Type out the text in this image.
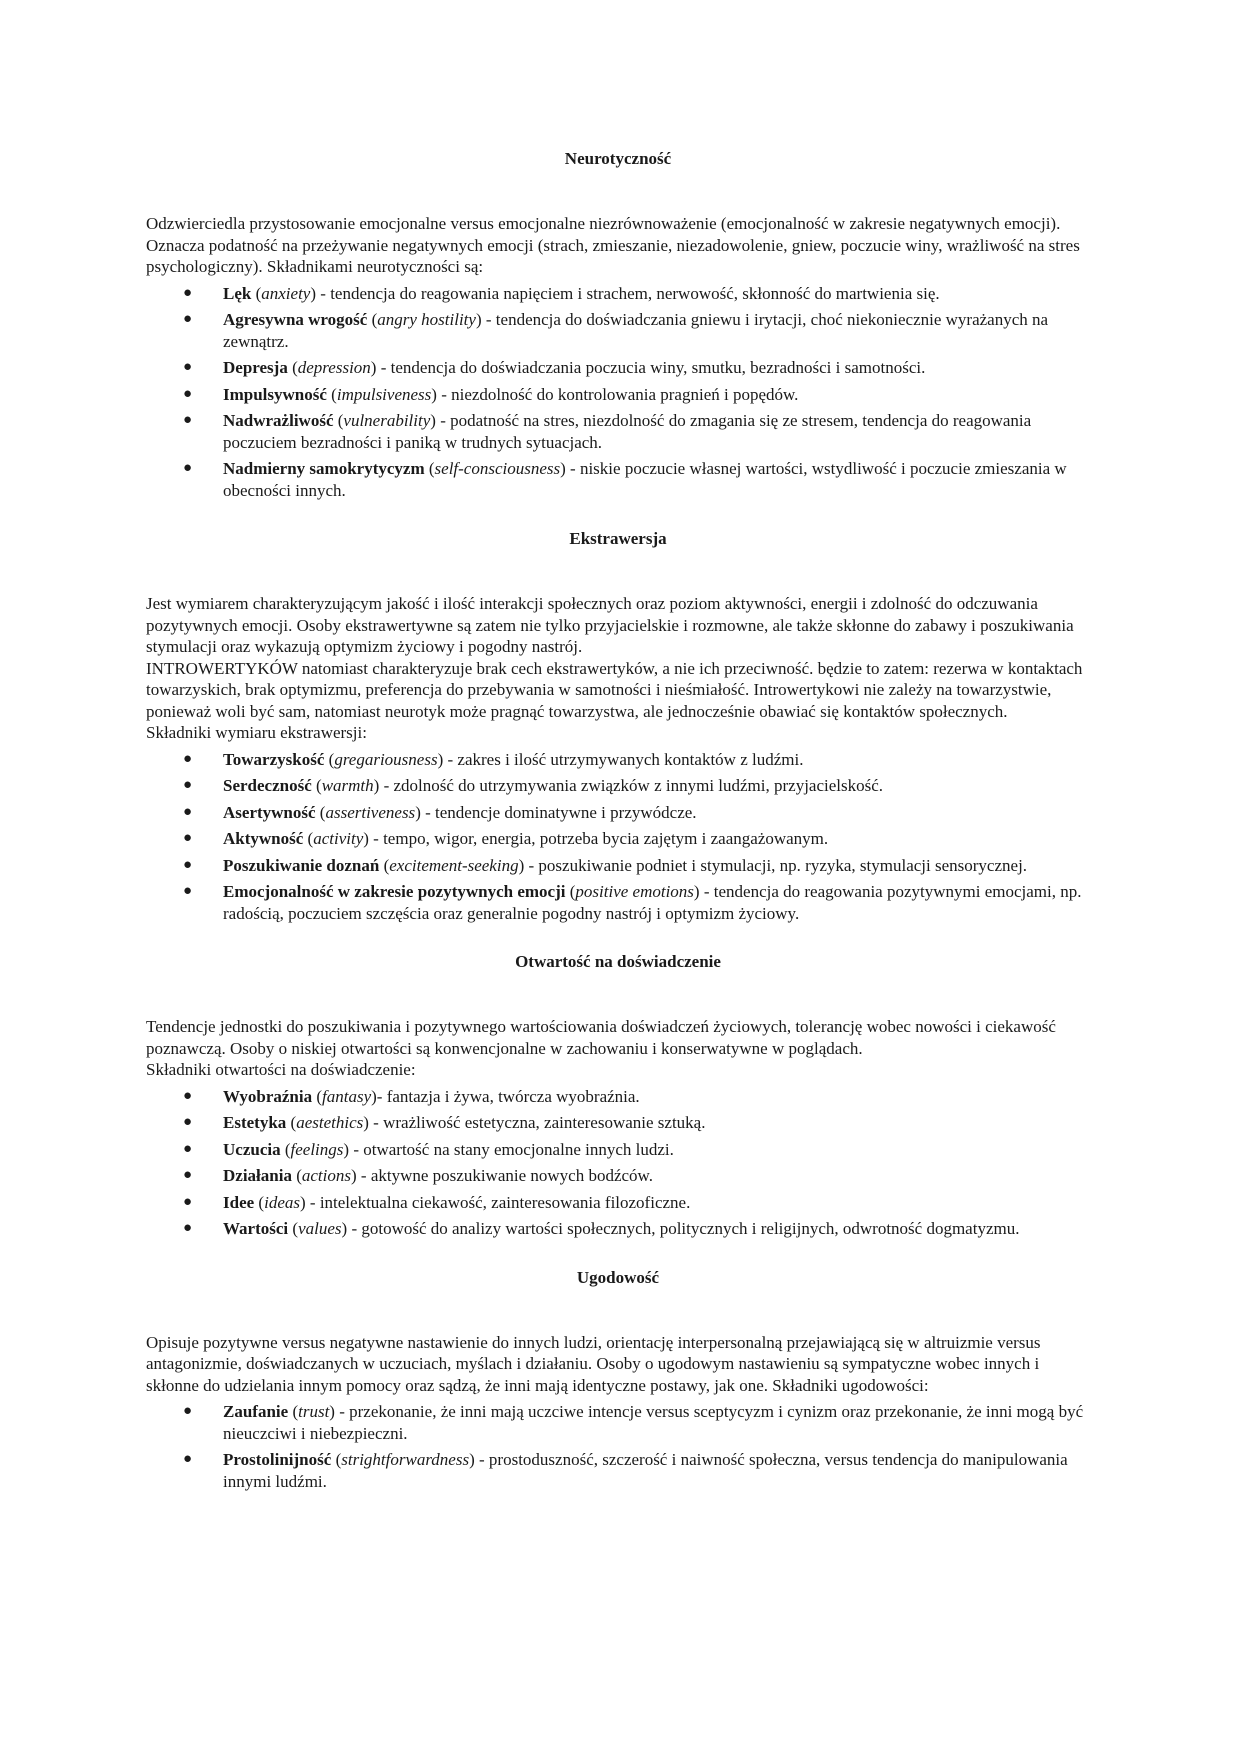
Neurotyczność
Odzwierciedla przystosowanie emocjonalne versus emocjonalne niezrównoważenie (emocjonalność w zakresie negatywnych emocji). Oznacza podatność na przeżywanie negatywnych emocji (strach, zmieszanie, niezadowolenie, gniew, poczucie winy, wrażliwość na stres psychologiczny). Składnikami neurotyczności są:
● Lęk (anxiety) - tendencja do reagowania napięciem i strachem, nerwowość, skłonność do martwienia się.
● Agresywna wrogość (angry hostility) - tendencja do doświadczania gniewu i irytacji, choć niekoniecznie wyrażanych na zewnątrz.
● Depresja (depression) - tendencja do doświadczania poczucia winy, smutku, bezradności i samotności.
● Impulsywność (impulsiveness) - niezdolność do kontrolowania pragnień i popędów.
● Nadwrażliwość (vulnerability) - podatność na stres, niezdolność do zmagania się ze stresem, tendencja do reagowania poczuciem bezradności i paniką w trudnych sytuacjach.
● Nadmierny samokrytycyzm (self-consciousness) - niskie poczucie własnej wartości, wstydliwość i poczucie zmieszania w obecności innych.
Ekstrawersja
Jest wymiarem charakteryzującym jakość i ilość interakcji społecznych oraz poziom aktywności, energii i zdolność do odczuwania pozytywnych emocji. Osoby ekstrawertywne są zatem nie tylko przyjacielskie i rozmowne, ale także skłonne do zabawy i poszukiwania stymulacji oraz wykazują optymizm życiowy i pogodny nastrój.
INTROWERTYKÓW natomiast charakteryzuje brak cech ekstrawertyków, a nie ich przeciwność. będzie to zatem: rezerwa w kontaktach towarzyskich, brak optymizmu, preferencja do przebywania w samotności i nieśmiałość. Introwertykowi nie zależy na towarzystwie, ponieważ woli być sam, natomiast neurotyk może pragnąć towarzystwa, ale jednocześnie obawiać się kontaktów społecznych.
Składniki wymiaru ekstrawersji:
● Towarzyskość (gregariousness) - zakres i ilość utrzymywanych kontaktów z ludźmi.
● Serdeczność (warmth) - zdolność do utrzymywania związków z innymi ludźmi, przyjacielskość.
● Asertywność (assertiveness) - tendencje dominatywne i przywódcze.
● Aktywność (activity) - tempo, wigor, energia, potrzeba bycia zajętym i zaangażowanym.
● Poszukiwanie doznań (excitement-seeking) - poszukiwanie podniet i stymulacji, np. ryzyka, stymulacji sensorycznej.
● Emocjonalność w zakresie pozytywnych emocji (positive emotions) - tendencja do reagowania pozytywnymi emocjami, np. radością, poczuciem szczęścia oraz generalnie pogodny nastrój i optymizm życiowy.
Otwartość na doświadczenie
Tendencje jednostki do poszukiwania i pozytywnego wartościowania doświadczeń życiowych, tolerancję wobec nowości i ciekawość poznawczą. Osoby o niskiej otwartości są konwencjonalne w zachowaniu i konserwatywne w poglądach.
Składniki otwartości na doświadczenie:
● Wyobraźnia (fantasy)- fantazja i żywa, twórcza wyobraźnia.
● Estetyka (aestethics) - wrażliwość estetyczna, zainteresowanie sztuką.
● Uczucia (feelings) - otwartość na stany emocjonalne innych ludzi.
● Działania (actions) - aktywne poszukiwanie nowych bodźców.
● Idee (ideas) - intelektualna ciekawość, zainteresowania filozoficzne.
● Wartości (values) - gotowość do analizy wartości społecznych, politycznych i religijnych, odwrotność dogmatyzmu.
Ugodowość
Opisuje pozytywne versus negatywne nastawienie do innych ludzi, orientację interpersonalną przejawiającą się w altruizmie versus antagonizmie, doświadczanych w uczuciach, myślach i działaniu. Osoby o ugodowym nastawieniu są sympatyczne wobec innych i skłonne do udzielania innym pomocy oraz sądzą, że inni mają identyczne postawy, jak one. Składniki ugodowości:
● Zaufanie (trust) - przekonanie, że inni mają uczciwe intencje versus sceptycyzm i cynizm oraz przekonanie, że inni mogą być nieuczciwi i niebezpieczni.
● Prostolinijność (strightforwardness) - prostoduszność, szczerość i naiwność społeczna, versus tendencja do manipulowania innymi ludźmi.
